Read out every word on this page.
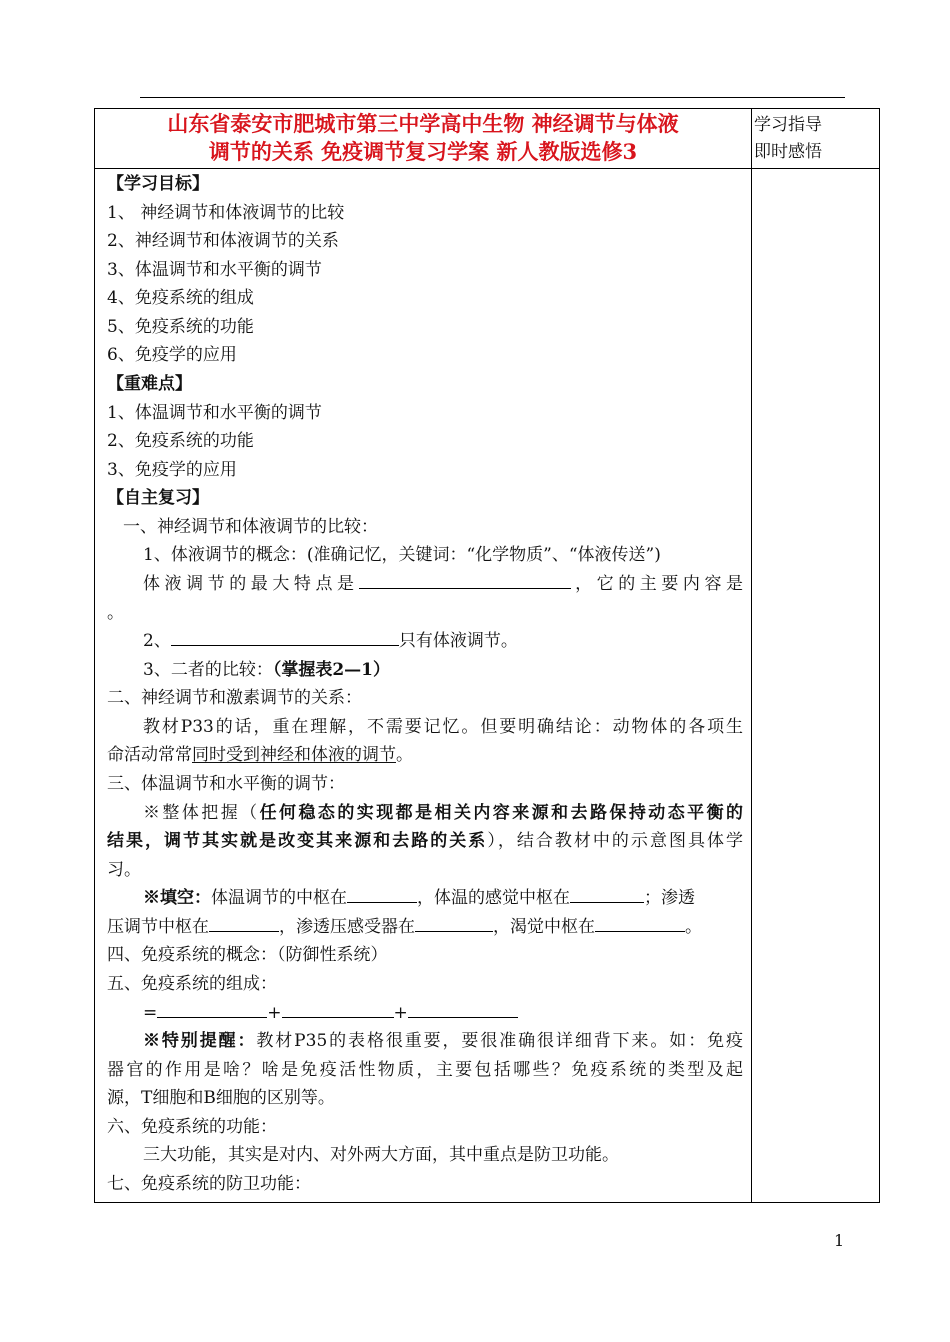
山东省泰安市肥城市第三中学高中生物 神经调节与体液
调节的关系 免疫调节复习学案 新人教版选修3
学习指导
即时感悟
【学习目标】
1、 神经调节和体液调节的比较
2、神经调节和体液调节的关系
3、体温调节和水平衡的调节
4、免疫系统的组成
5、免疫系统的功能
6、免疫学的应用
【重难点】
1、体温调节和水平衡的调节
2、免疫系统的功能
3、免疫学的应用
【自主复习】
一、神经调节和体液调节的比较：
1、体液调节的概念：(准确记忆，关键词：“化学物质”、“体液传送”)
体液调节的最大特点是	，它的主要内容是
。
2、	只有体液调节。
3、二者的比较：（掌握表2—1）
二、神经调节和激素调节的关系：
教材P33的话，重在理解，不需要记忆。但要明确结论：动物体的各项生
命活动常常同时受到神经和体液的调节。
三、体温调节和水平衡的调节：
※整体把握（任何稳态的实现都是相关内容来源和去路保持动态平衡的
结果，调节其实就是改变其来源和去路的关系），结合教材中的示意图具体学
习。
※填空：体温调节的中枢在	，体温的感觉中枢在	；渗透
压调节中枢在	，渗透压感受器在	，渴觉中枢在	。
四、免疫系统的概念：（防御性系统）
五、免疫系统的组成：
=	+	+
※特别提醒：教材P35的表格很重要，要很准确很详细背下来。如：免疫
器官的作用是啥？啥是免疫活性物质，主要包括哪些？免疫系统的类型及起
源，T细胞和B细胞的区别等。
六、免疫系统的功能：
三大功能，其实是对内、对外两大方面，其中重点是防卫功能。
七、免疫系统的防卫功能：
1
